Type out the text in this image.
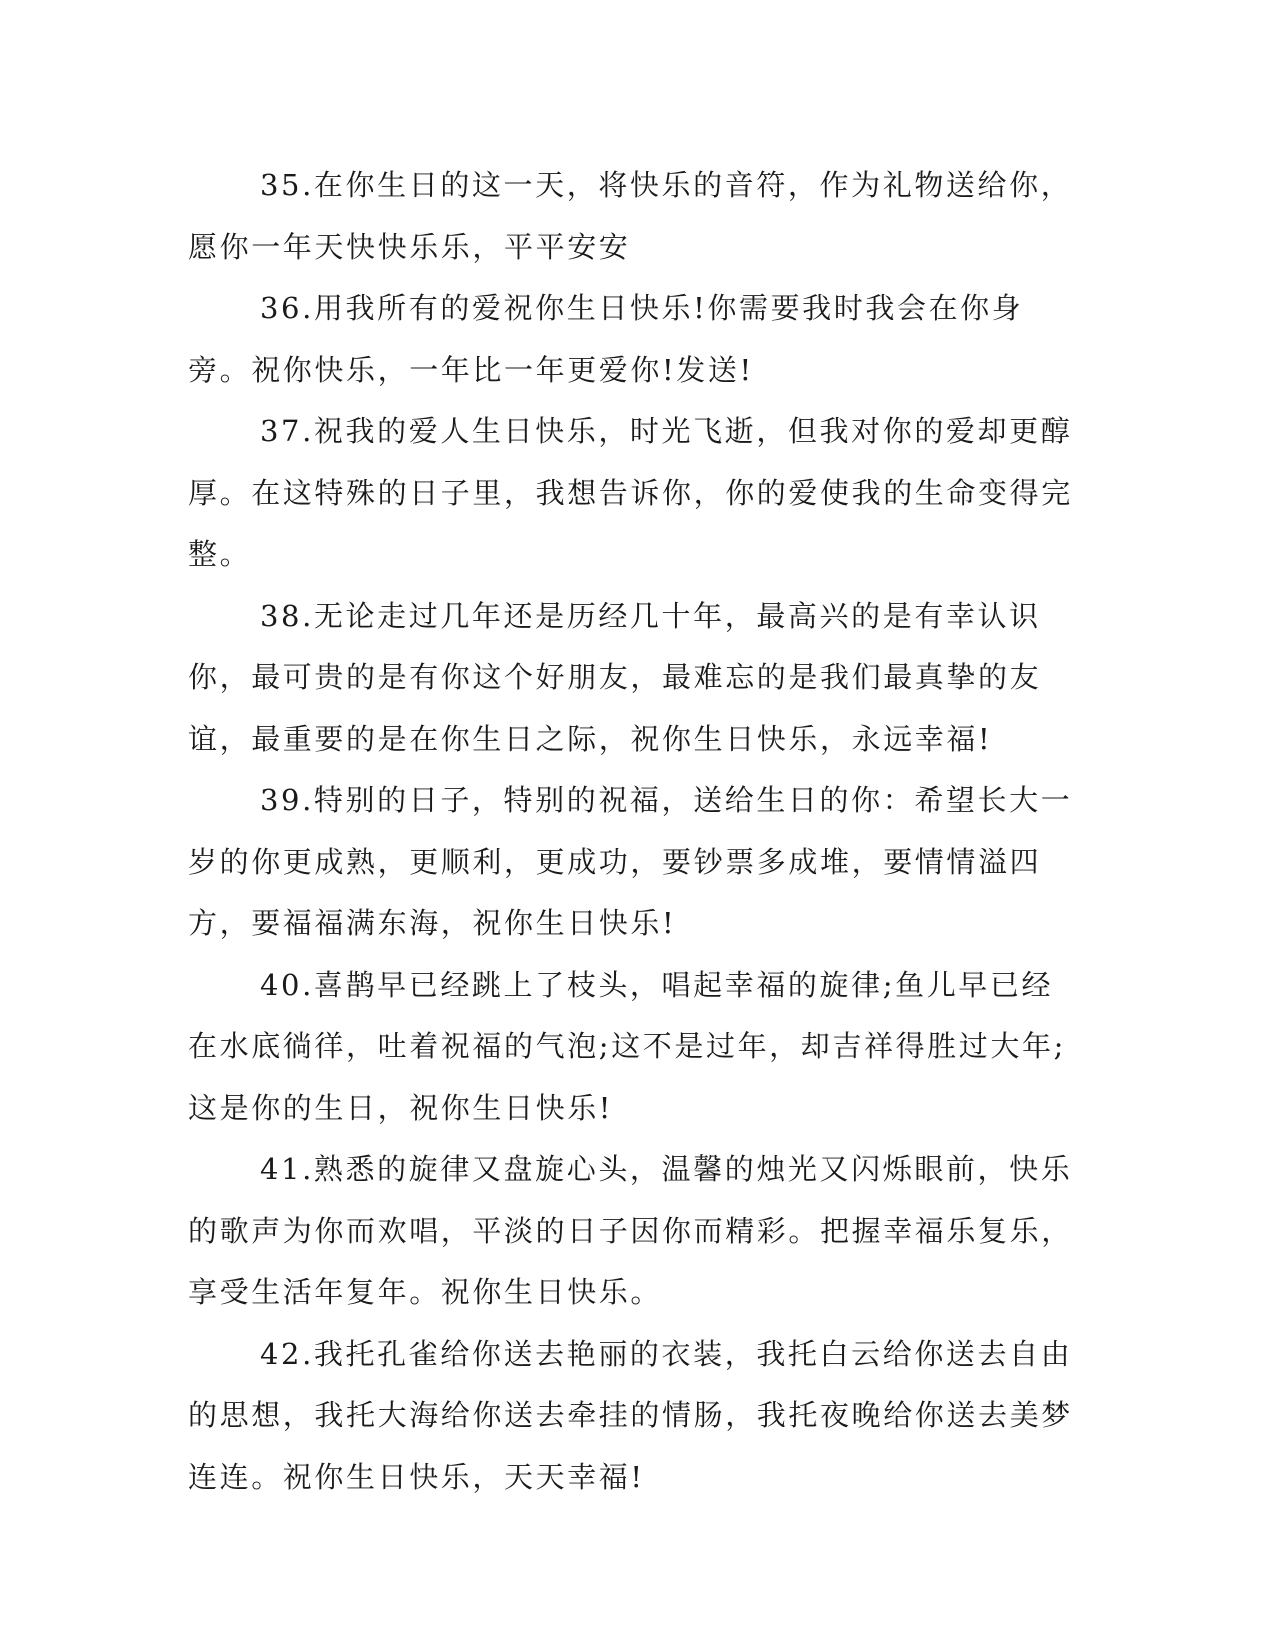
35.在你生日的这一天，将快乐的音符，作为礼物送给你，愿你一年天快快乐乐，平平安安

36.用我所有的爱祝你生日快乐!你需要我时我会在你身旁。祝你快乐，一年比一年更爱你!发送!

37.祝我的爱人生日快乐，时光飞逝，但我对你的爱却更醇厚。在这特殊的日子里，我想告诉你，你的爱使我的生命变得完整。

38.无论走过几年还是历经几十年，最高兴的是有幸认识你，最可贵的是有你这个好朋友，最难忘的是我们最真挚的友谊，最重要的是在你生日之际，祝你生日快乐，永远幸福!

39.特别的日子，特别的祝福，送给生日的你：希望长大一岁的你更成熟，更顺利，更成功，要钞票多成堆，要情情溢四方，要福福满东海，祝你生日快乐!

40.喜鹊早已经跳上了枝头，唱起幸福的旋律;鱼儿早已经在水底徜徉，吐着祝福的气泡;这不是过年，却吉祥得胜过大年;这是你的生日，祝你生日快乐!

41.熟悉的旋律又盘旋心头，温馨的烛光又闪烁眼前，快乐的歌声为你而欢唱，平淡的日子因你而精彩。把握幸福乐复乐，享受生活年复年。祝你生日快乐。

42.我托孔雀给你送去艳丽的衣装，我托白云给你送去自由的思想，我托大海给你送去牵挂的情肠，我托夜晚给你送去美梦连连。祝你生日快乐，天天幸福!
